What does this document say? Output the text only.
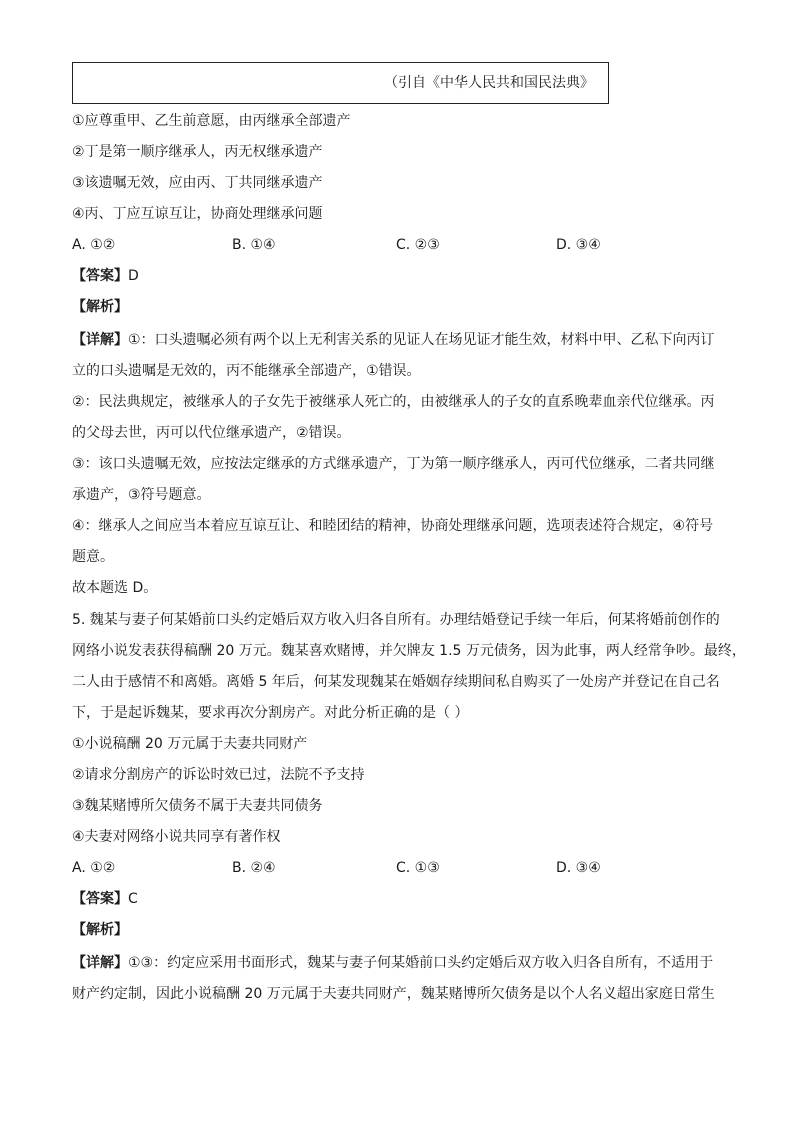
（引自《中华人民共和国民法典》
①应尊重甲、乙生前意愿，由丙继承全部遗产
②丁是第一顺序继承人，丙无权继承遗产
③该遗嘱无效，应由丙、丁共同继承遗产
④丙、丁应互谅互让，协商处理继承问题
A. ①②	B. ①④	C. ②③	D. ③④
【答案】D
【解析】
【详解】①：口头遗嘱必须有两个以上无利害关系的见证人在场见证才能生效，材料中甲、乙私下向丙订
立的口头遗嘱是无效的，丙不能继承全部遗产，①错误。
②：民法典规定，被继承人的子女先于被继承人死亡的，由被继承人的子女的直系晚辈血亲代位继承。丙
的父母去世，丙可以代位继承遗产，②错误。
③：该口头遗嘱无效，应按法定继承的方式继承遗产，丁为第一顺序继承人，丙可代位继承，二者共同继
承遗产，③符号题意。
④：继承人之间应当本着应互谅互让、和睦团结的精神，协商处理继承问题，选项表述符合规定，④符号
题意。
故本题选 D。
5. 魏某与妻子何某婚前口头约定婚后双方收入归各自所有。办理结婚登记手续一年后，何某将婚前创作的
网络小说发表获得稿酬 20 万元。魏某喜欢赌博，并欠牌友 1.5 万元债务，因为此事，两人经常争吵。最终，
二人由于感情不和离婚。离婚 5 年后，何某发现魏某在婚姻存续期间私自购买了一处房产并登记在自己名
下，于是起诉魏某，要求再次分割房产。对此分析正确的是（ ）
①小说稿酬 20 万元属于夫妻共同财产
②请求分割房产的诉讼时效已过，法院不予支持
③魏某赌博所欠债务不属于夫妻共同债务
④夫妻对网络小说共同享有著作权
A. ①②	B. ②④	C. ①③	D. ③④
【答案】C
【解析】
【详解】①③：约定应采用书面形式，魏某与妻子何某婚前口头约定婚后双方收入归各自所有，不适用于
财产约定制，因此小说稿酬 20 万元属于夫妻共同财产，魏某赌博所欠债务是以个人名义超出家庭日常生
